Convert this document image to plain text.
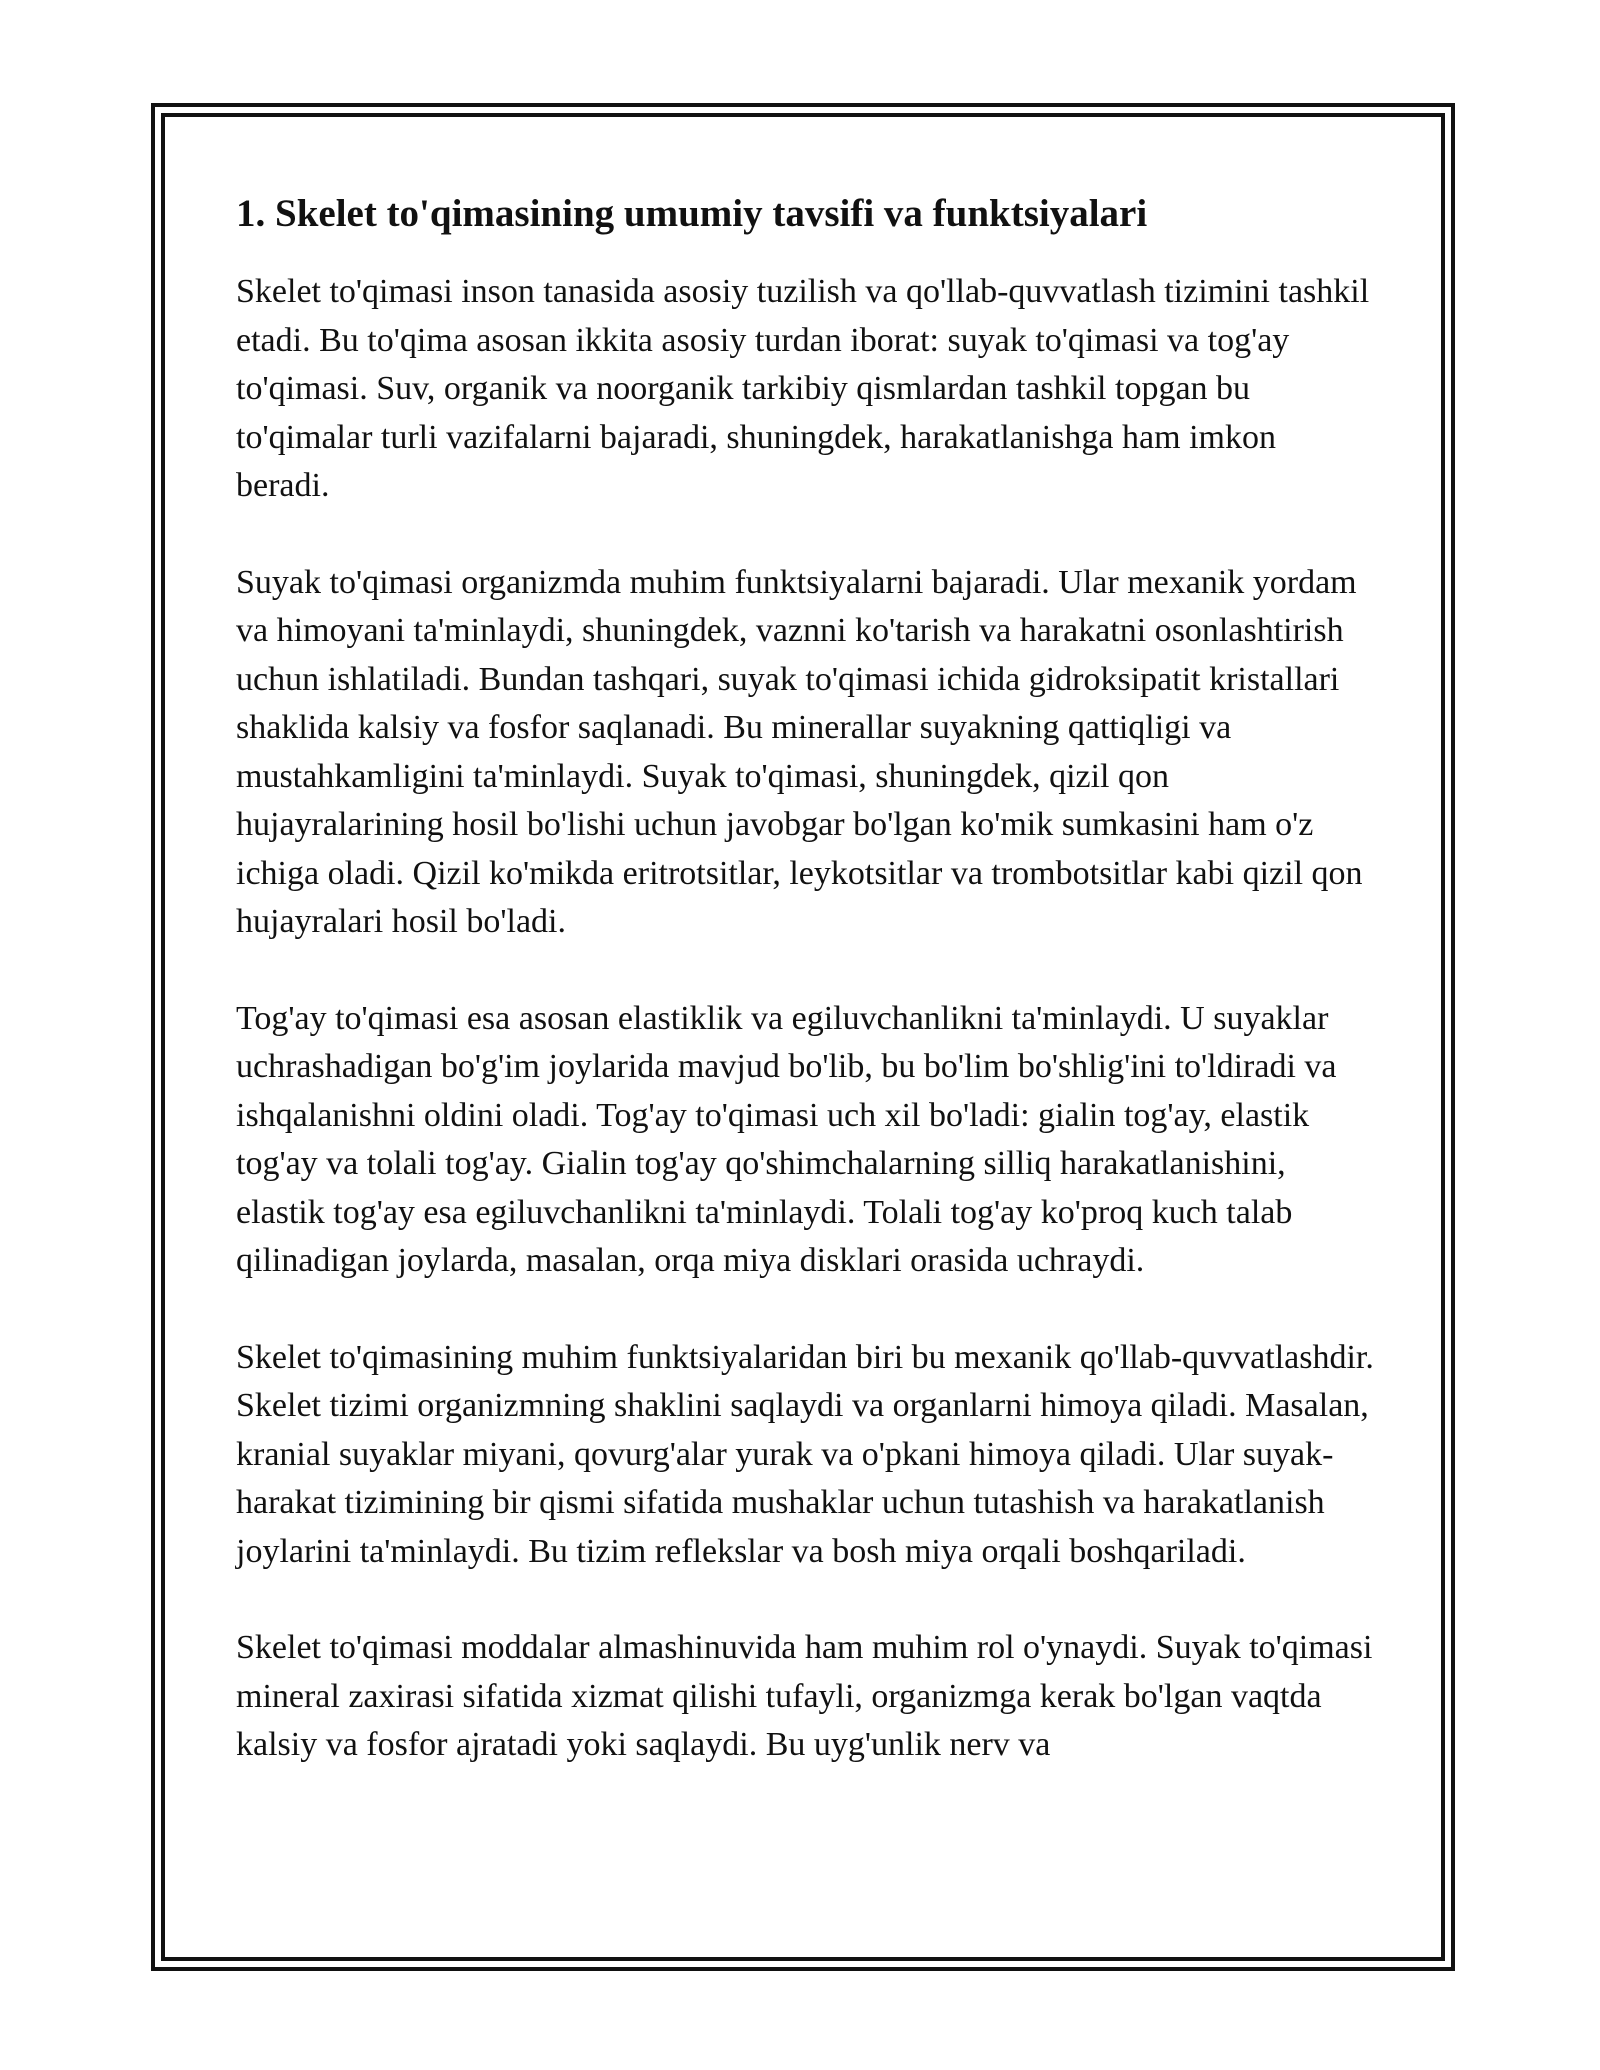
1. Skelet to'qimasining umumiy tavsifi va funktsiyalari

Skelet to'qimasi inson tanasida asosiy tuzilish va qo'llab-quvvatlash tizimini tashkil etadi. Bu to'qima asosan ikkita asosiy turdan iborat: suyak to'qimasi va tog'ay to'qimasi. Suv, organik va noorganik tarkibiy qismlardan tashkil topgan bu to'qimalar turli vazifalarni bajaradi, shuningdek, harakatlanishga ham imkon beradi.

Suyak to'qimasi organizmda muhim funktsiyalarni bajaradi. Ular mexanik yordam va himoyani ta'minlaydi, shuningdek, vaznni ko'tarish va harakatni osonlashtirish uchun ishlatiladi. Bundan tashqari, suyak to'qimasi ichida gidroksipatit kristallari shaklida kalsiy va fosfor saqlanadi. Bu minerallar suyakning qattiqligi va mustahkamligini ta'minlaydi. Suyak to'qimasi, shuningdek, qizil qon hujayralarining hosil bo'lishi uchun javobgar bo'lgan ko'mik sumkasini ham o'z ichiga oladi. Qizil ko'mikda eritrotsitlar, leykotsitlar va trombotsitlar kabi qizil qon hujayralari hosil bo'ladi.

Tog'ay to'qimasi esa asosan elastiklik va egiluvchanlikni ta'minlaydi. U suyaklar uchrashadigan bo'g'im joylarida mavjud bo'lib, bu bo'lim bo'shlig'ini to'ldiradi va ishqalanishni oldini oladi. Tog'ay to'qimasi uch xil bo'ladi: gialin tog'ay, elastik tog'ay va tolali tog'ay. Gialin tog'ay qo'shimchalarning silliq harakatlanishini, elastik tog'ay esa egiluvchanlikni ta'minlaydi. Tolali tog'ay ko'proq kuch talab qilinadigan joylarda, masalan, orqa miya disklari orasida uchraydi.

Skelet to'qimasining muhim funktsiyalaridan biri bu mexanik qo'llab-quvvatlashdir. Skelet tizimi organizmning shaklini saqlaydi va organlarni himoya qiladi. Masalan, kranial suyaklar miyani, qovurg'alar yurak va o'pkani himoya qiladi. Ular suyak-harakat tizimining bir qismi sifatida mushaklar uchun tutashish va harakatlanish joylarini ta'minlaydi. Bu tizim reflekslar va bosh miya orqali boshqariladi.

Skelet to'qimasi moddalar almashinuvida ham muhim rol o'ynaydi. Suyak to'qimasi mineral zaxirasi sifatida xizmat qilishi tufayli, organizmga kerak bo'lgan vaqtda kalsiy va fosfor ajratadi yoki saqlaydi. Bu uyg'unlik nerv va
